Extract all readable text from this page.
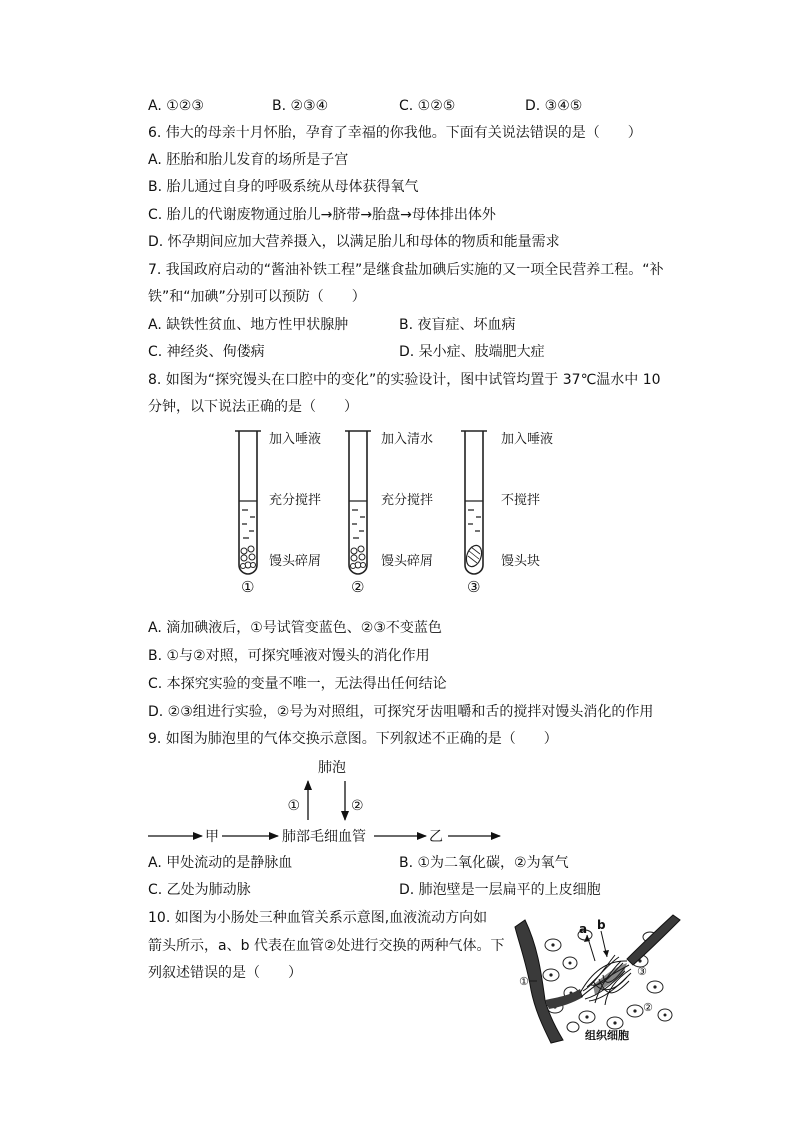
A. ①②③	B. ②③④	C. ①②⑤	D. ③④⑤
6. 伟大的母亲十月怀胎，孕育了幸福的你我他。下面有关说法错误的是（　　）
A. 胚胎和胎儿发育的场所是子宫
B. 胎儿通过自身的呼吸系统从母体获得氧气
C. 胎儿的代谢废物通过胎儿→脐带→胎盘→母体排出体外
D. 怀孕期间应加大营养摄入，以满足胎儿和母体的物质和能量需求
7. 我国政府启动的“酱油补铁工程”是继食盐加碘后实施的又一项全民营养工程。“补
铁”和“加碘”分别可以预防（　　）
A. 缺铁性贫血、地方性甲状腺肿	B. 夜盲症、坏血病
C. 神经炎、佝偻病	D. 呆小症、肢端肥大症
8. 如图为“探究馒头在口腔中的变化”的实验设计，图中试管均置于 37℃温水中 10
分钟，以下说法正确的是（　　）
加入唾液
充分搅拌
馒头碎屑
①
加入清水
充分搅拌
馒头碎屑
②
加入唾液
不搅拌
馒头块
③
A. 滴加碘液后，①号试管变蓝色、②③不变蓝色
B. ①与②对照，可探究唾液对馒头的消化作用
C. 本探究实验的变量不唯一，无法得出任何结论
D. ②③组进行实验，②号为对照组，可探究牙齿咀嚼和舌的搅拌对馒头消化的作用
9. 如图为肺泡里的气体交换示意图。下列叙述不正确的是（　　）
肺泡
①	②
甲	肺部毛细血管	乙
A. 甲处流动的是静脉血	B. ①为二氧化碳，②为氧气
C. 乙处为肺动脉	D. 肺泡壁是一层扁平的上皮细胞
10. 如图为小肠处三种血管关系示意图,血液流动方向如
箭头所示，a、b 代表在血管②处进行交换的两种气体。下
列叙述错误的是（　　）
a b
①
②
③
组织细胞
